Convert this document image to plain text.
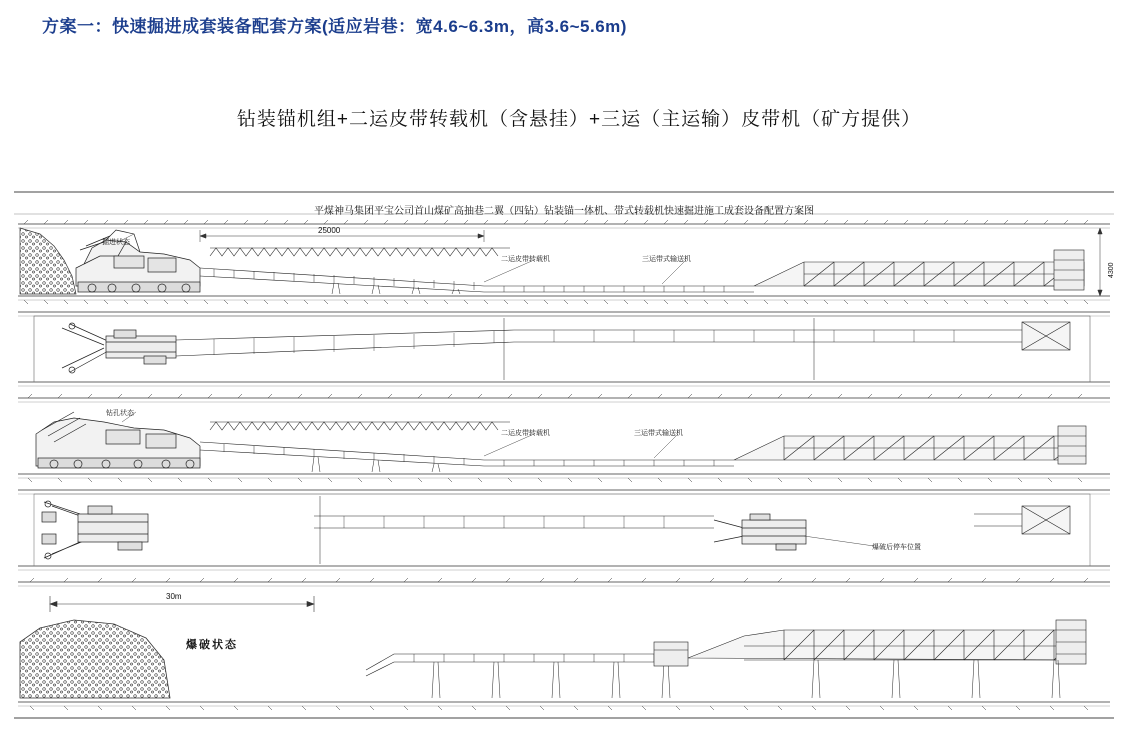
方案一：快速掘进成套装备配套方案(适应岩巷：宽4.6~6.3m，高3.6~5.6m)
钻装锚机组+二运皮带转载机（含悬挂）+三运（主运输）皮带机（矿方提供）
平煤神马集团平宝公司首山煤矿高抽巷二翼（四钻）钻装锚一体机、带式转载机快速掘进施工成套设备配置方案图
掘进状态
25000
二运皮带转载机	三运带式输送机
4300
钻孔状态
二运皮带转载机	三运带式输送机
爆破后停车位置
30m
爆破状态
